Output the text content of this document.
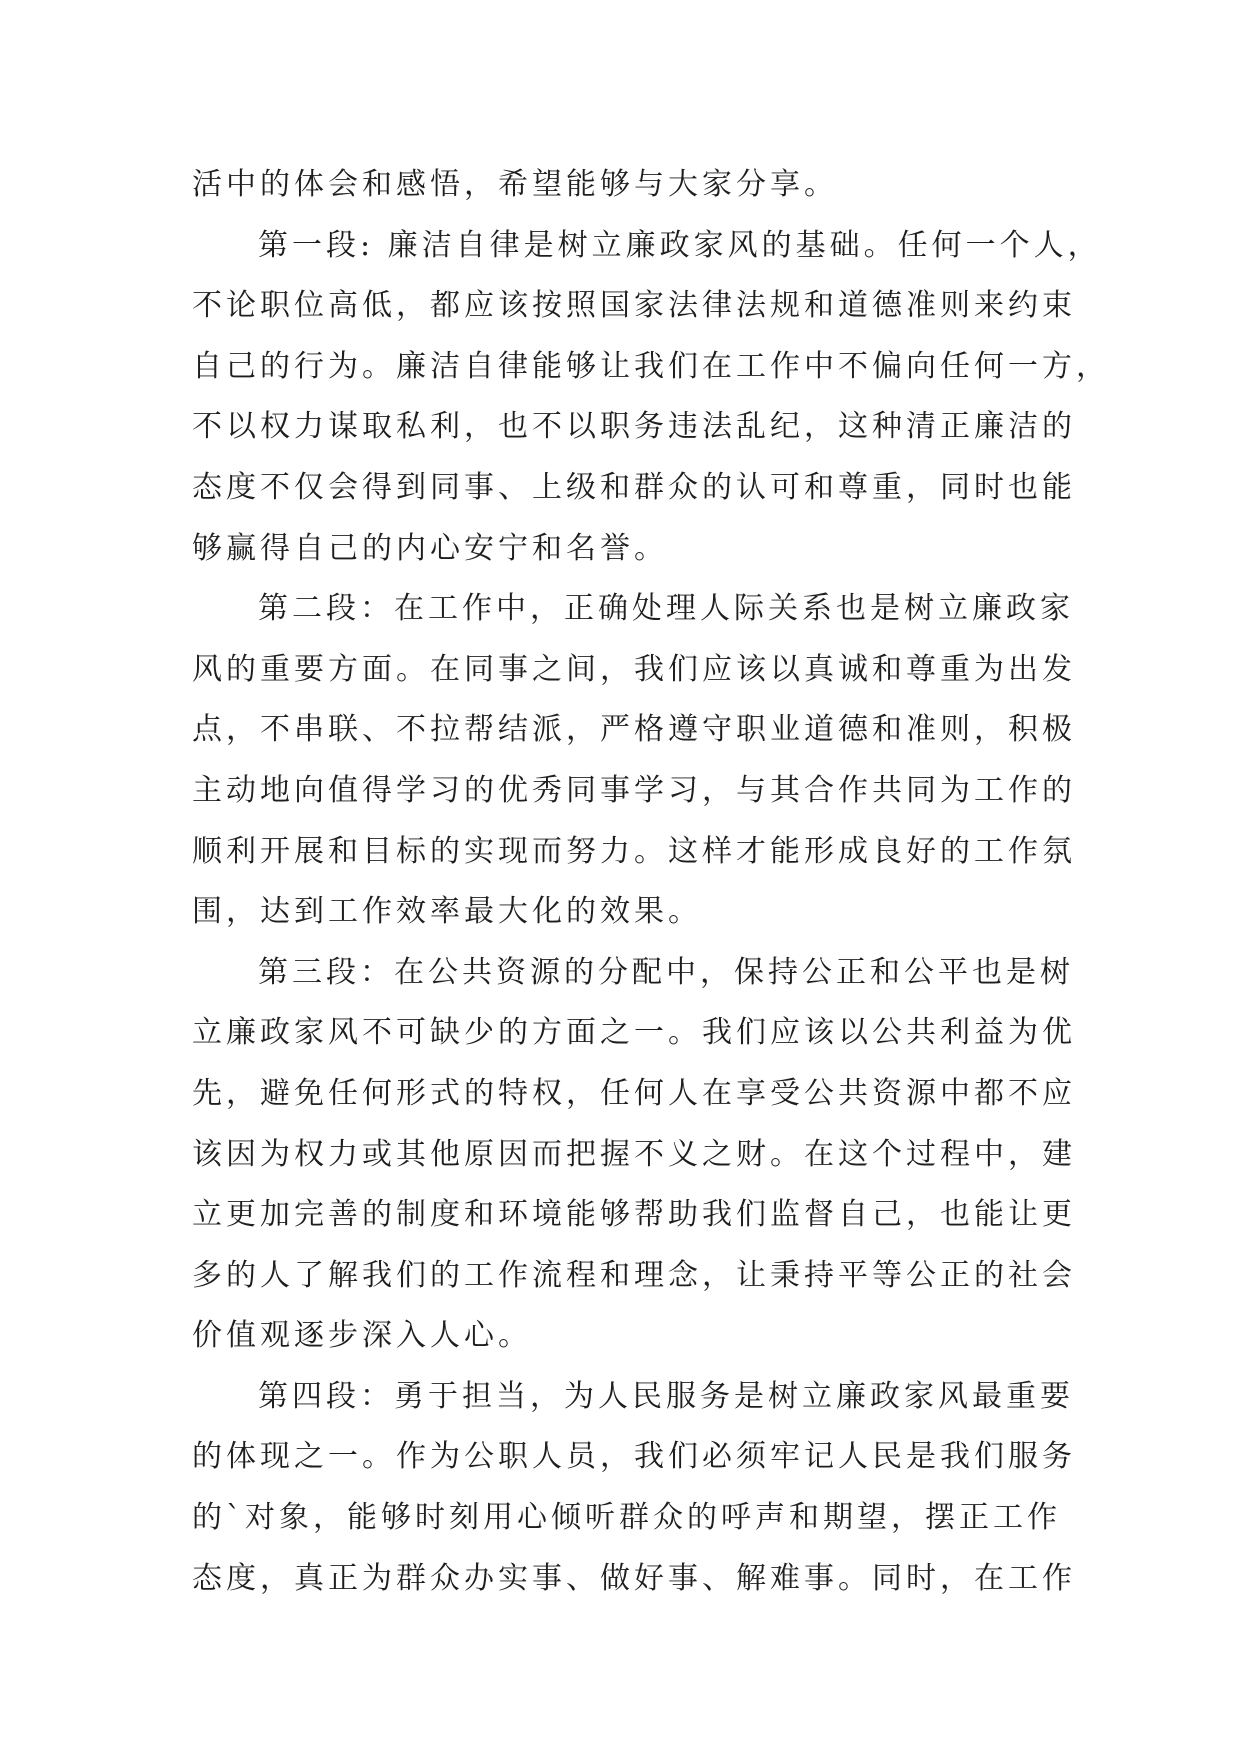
活中的体会和感悟，希望能够与大家分享。
第一段: 廉洁自律是树立廉政家风的基础。任何一个人，
不论职位高低，都应该按照国家法律法规和道德准则来约束
自己的行为。廉洁自律能够让我们在工作中不偏向任何一方，
不以权力谋取私利，也不以职务违法乱纪，这种清正廉洁的
态度不仅会得到同事、上级和群众的认可和尊重，同时也能
够赢得自己的内心安宁和名誉。
第二段：在工作中，正确处理人际关系也是树立廉政家
风的重要方面。在同事之间，我们应该以真诚和尊重为出发
点，不串联、不拉帮结派，严格遵守职业道德和准则，积极
主动地向值得学习的优秀同事学习，与其合作共同为工作的
顺利开展和目标的实现而努力。这样才能形成良好的工作氛
围，达到工作效率最大化的效果。
第三段：在公共资源的分配中，保持公正和公平也是树
立廉政家风不可缺少的方面之一。我们应该以公共利益为优
先，避免任何形式的特权，任何人在享受公共资源中都不应
该因为权力或其他原因而把握不义之财。在这个过程中，建
立更加完善的制度和环境能够帮助我们监督自己，也能让更
多的人了解我们的工作流程和理念，让秉持平等公正的社会
价值观逐步深入人心。
第四段：勇于担当，为人民服务是树立廉政家风最重要
的体现之一。作为公职人员，我们必须牢记人民是我们服务
的`对象，能够时刻用心倾听群众的呼声和期望，摆正工作
态度，真正为群众办实事、做好事、解难事。同时，在工作
